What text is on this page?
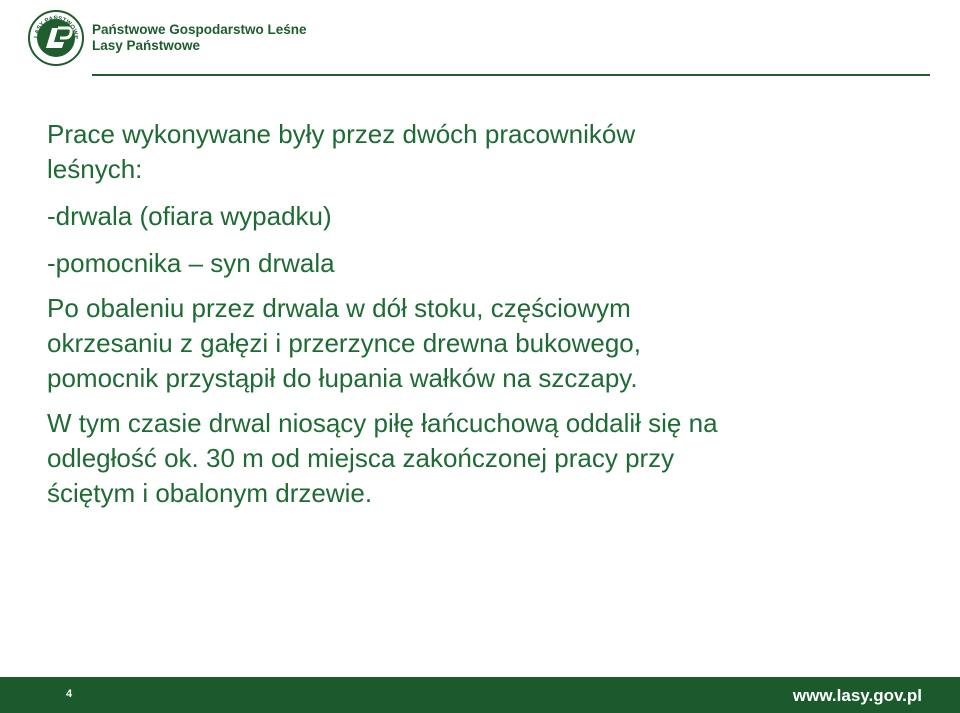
LASY PAŃSTWOWE
Państwowe Gospodarstwo Leśne
Lasy Państwowe

Prace wykonywane były przez dwóch pracowników

leśnych:

-drwala (ofiara wypadku)

-pomocnika – syn drwala

Po obaleniu przez drwala w dół stoku, częściowym

okrzesaniu z gałęzi i przerzynce drewna bukowego,

pomocnik przystąpił do łupania wałków na szczapy.

W tym czasie drwal niosący piłę łańcuchową oddalił się na

odległość ok. 30 m od miejsca zakończonej pracy przy

ściętym i obalonym drzewie.

4	www.lasy.gov.pl
